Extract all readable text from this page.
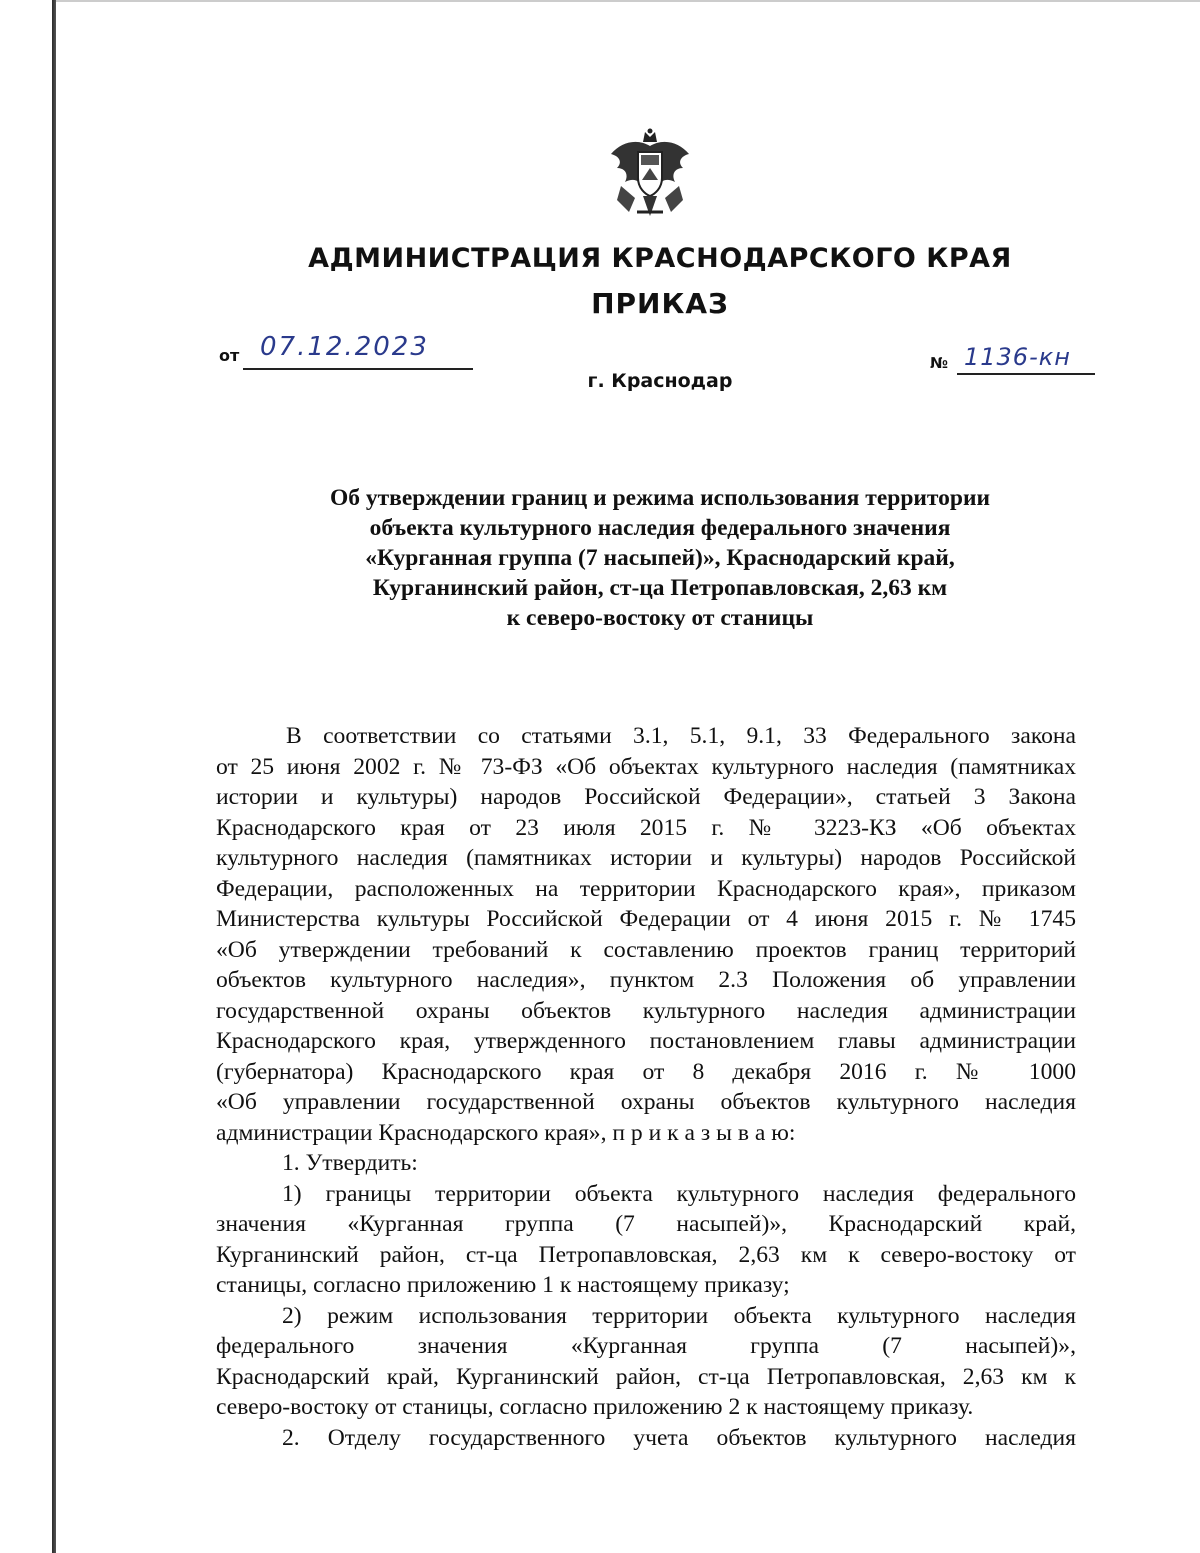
АДМИНИСТРАЦИЯ КРАСНОДАРСКОГО КРАЯ
ПРИКАЗ
от 07.12.2023
№ 1136-кн
г. Краснодар
Об утверждении границ и режима использования территории
объекта культурного наследия федерального значения
«Курганная группа (7 насыпей)», Краснодарский край,
Курганинский район, ст-ца Петропавловская, 2,63 км
к северо-востоку от станицы
В соответствии со статьями 3.1, 5.1, 9.1, 33 Федерального закона
от 25 июня 2002 г. № 73-ФЗ «Об объектах культурного наследия (памятниках
истории и культуры) народов Российской Федерации», статьей 3 Закона
Краснодарского края от 23 июля 2015 г. № 3223-КЗ «Об объектах
культурного наследия (памятниках истории и культуры) народов Российской
Федерации, расположенных на территории Краснодарского края», приказом
Министерства культуры Российской Федерации от 4 июня 2015 г. № 1745
«Об утверждении требований к составлению проектов границ территорий
объектов культурного наследия», пунктом 2.3 Положения об управлении
государственной охраны объектов культурного наследия администрации
Краснодарского края, утвержденного постановлением главы администрации
(губернатора) Краснодарского края от 8 декабря 2016 г. № 1000
«Об управлении государственной охраны объектов культурного наследия
администрации Краснодарского края», п р и к а з ы в а ю:
1. Утвердить:
1) границы территории объекта культурного наследия федерального
значения «Курганная группа (7 насыпей)», Краснодарский край,
Курганинский район, ст-ца Петропавловская, 2,63 км к северо-востоку от
станицы, согласно приложению 1 к настоящему приказу;
2) режим использования территории объекта культурного наследия
федерального значения «Курганная группа (7 насыпей)»,
Краснодарский край, Курганинский район, ст-ца Петропавловская, 2,63 км к
северо-востоку от станицы, согласно приложению 2 к настоящему приказу.
2. Отделу государственного учета объектов культурного наследия
